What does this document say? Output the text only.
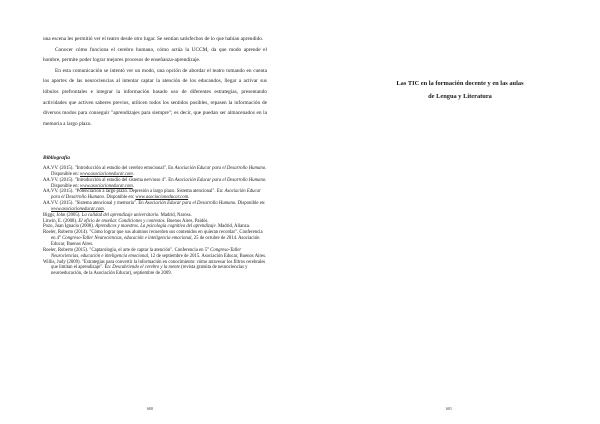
una escena les permitió ver el teatro desde otro lugar. Se sentían satisfechos de lo que habían aprendido.

Conocer cómo funciona el cerebro humano, cómo actúa la UCCM, da que modo aprende el hombre, permite poder lograr mejores procesos de enseñanza-aprendizaje.

En esta comunicación se intentó ver un modo, una opción de abordar el teatro tomando en cuenta los aportes de las neurociencias al intentar captar la atención de los educandos, llegar a activar sus lóbulos prefrontales e integrar la información basado uso de diferentes estrategias, presentando actividades que activen saberes previos, utilicen todos los sentidos posibles, repasen la información de diversos modos para conseguir "aprendizajes para siempre"; es decir, que puedan ser almacenados en la memoria a largo plazo.

Bibliografía
AA.VV. (2015). "Introducción al estudio del cerebro emocional". En Asociación Educar para el Desarrollo Humano. Disponible en: www.asociacioneducar.com.
AA.VV. (2015). "Introducción al estudio del sistema nervioso 4". En Asociación Educar para el Desarrollo Humano. Disponible en: www.asociacioneducar.com.
AA.VV. (2015). "Potenciación a largo plazo. Depresión a largo plazo. Sistema atencional". En: Asociación Educar para el Desarrollo Humano. Disponible en: www.asociacioneducar.com.
AA.VV. (2015). "Sistema atencional y memoria". En Asociación Educar para el Desarrollo Humano. Disponible en: www.asociacioneducar.com.
Biggs, John (2005). La calidad del aprendizaje universitario. Madrid, Narcea.
Litwin, E. (2008). El oficio de enseñar. Condiciones y contextos. Buenos Aires, Paidós.
Pozo, Juan Ignacio (2008). Aprendices y maestros. La psicología cognitiva del aprendizaje. Madrid, Alianza.
Roeler, Roberto (2014). "Cómo lograr que sus alumnos recuerden sus contenidos en quieran recordar". Conferencia en 4° Congreso-Taller Neurociencias, educación e inteligencia emocional, 25 de octubre de 2014. Asociación Educar, Buenos Aires.
Roeler, Roberto (2015). "Captarología, el arte de captar la atención". Conferencia en 5° Congreso-Taller Neurociencias, educación e inteligencia emocional, 12 de septiembre de 2015. Asociación Educar, Buenos Aires.
Willis, Judy (2009). "Estrategias para convertir la información en conocimiento: cómo atravesar los filtros cerebrales que limitan el aprendizaje". En: Descubriendo el cerebro y la mente (revista gratuita de neurociencias y neuroeducación, de la Asociación Educar), septiembre de 2009.
600
Las TIC en la formación docente y en las aulas
de Lengua y Literatura
601
